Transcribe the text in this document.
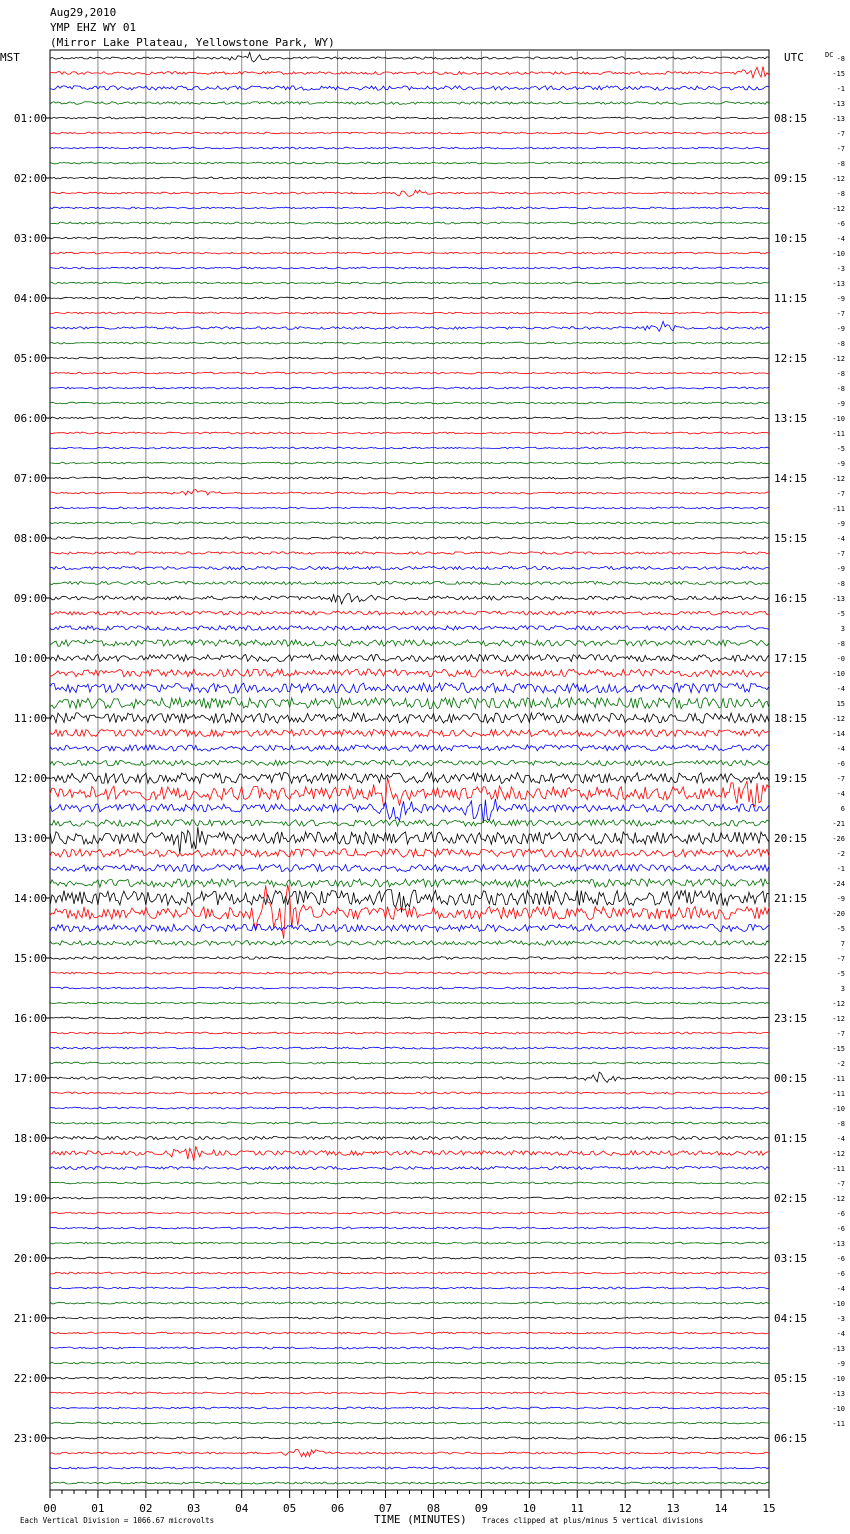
Aug29,2010
YMP EHZ WY 01
(Mirror Lake Plateau, Yellowstone Park, WY)
MST	UTC	DC
TIME (MINUTES)
Each Vertical Division = 1066.67 microvolts	Traces clipped at plus/minus 5 vertical divisions
00	01	02	03	04	05	06	07	08	09	10	11	12	13	14	15
-8
-15
-1
-13
-13
01:00	08:15
-7
-7
-8
-12
02:00	09:15
-8
-12
-6
-4
03:00	10:15
-10
-3
-13
-9
04:00	11:15
-7
-9
-8
-12
05:00	12:15
-8
-8
-9
-10
06:00	13:15
-11
-5
-9
-12
07:00	14:15
-7
-11
-9
-4
08:00	15:15
-7
-9
-8
-13
09:00	16:15
-5
3
-8
-0
10:00	17:15
-10
-4
15
-12
11:00	18:15
-14
-4
-6
-7
12:00	19:15
-4
6
-21
-26
13:00	20:15
-2
-1
-24
-9
14:00	21:15
-20
-5
7
-7
15:00	22:15
-5
3
-12
-12
16:00	23:15
-7
-15
-2
-11
17:00	00:15
-11
-10
-8
-4
18:00	01:15
-12
-11
-7
-12
19:00	02:15
-6
-6
-13
-6
20:00	03:15
-6
-4
-10
-3
21:00	04:15
-4
-13
-9
-10
22:00	05:15
-13
-10
-11
23:00	06:15
